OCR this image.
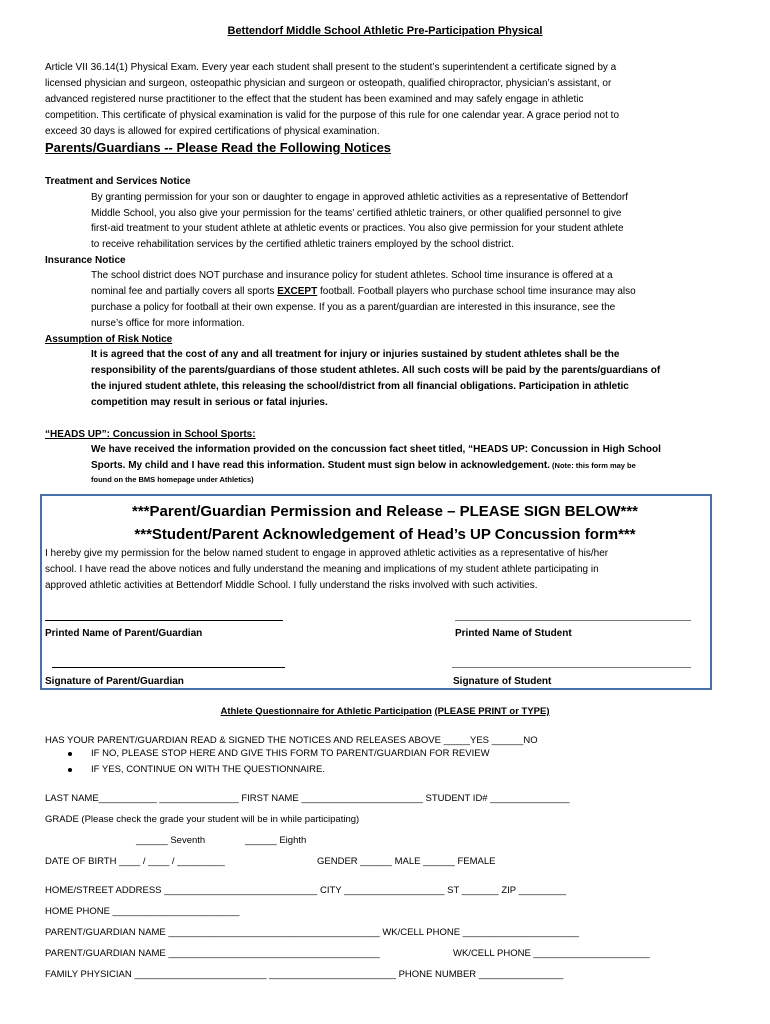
Bettendorf Middle School Athletic Pre-Participation Physical
Article VII 36.14(1) Physical Exam. Every year each student shall present to the student’s superintendent a certificate signed by a
licensed physician and surgeon, osteopathic physician and surgeon or osteopath, qualified chiropractor, physician’s assistant, or
advanced registered nurse practitioner to the effect that the student has been examined and may safely engage in athletic
competition. This certificate of physical examination is valid for the purpose of this rule for one calendar year. A grace period not to
exceed 30 days is allowed for expired certifications of physical examination.
Parents/Guardians -- Please Read the Following Notices
Treatment and Services Notice
By granting permission for your son or daughter to engage in approved athletic activities as a representative of Bettendorf
Middle School, you also give your permission for the teams’ certified athletic trainers, or other qualified personnel to give
first-aid treatment to your student athlete at athletic events or practices. You also give permission for your student athlete
to receive rehabilitation services by the certified athletic trainers employed by the school district.
Insurance Notice
The school district does NOT purchase and insurance policy for student athletes. School time insurance is offered at a
nominal fee and partially covers all sports EXCEPT football. Football players who purchase school time insurance may also
purchase a policy for football at their own expense. If you as a parent/guardian are interested in this insurance, see the
nurse’s office for more information.
Assumption of Risk Notice
It is agreed that the cost of any and all treatment for injury or injuries sustained by student athletes shall be the
responsibility of the parents/guardians of those student athletes. All such costs will be paid by the parents/guardians of
the injured student athlete, this releasing the school/district from all financial obligations. Participation in athletic
competition may result in serious or fatal injuries.
“HEADS UP”: Concussion in School Sports:
We have received the information provided on the concussion fact sheet titled, “HEADS UP: Concussion in High School
Sports. My child and I have read this information. Student must sign below in acknowledgement. (Note: this form may be
found on the BMS homepage under Athletics)
***Parent/Guardian Permission and Release – PLEASE SIGN BELOW***
***Student/Parent Acknowledgement of Head’s UP Concussion form***
I hereby give my permission for the below named student to engage in approved athletic activities as a representative of his/her
school. I have read the above notices and fully understand the meaning and implications of my student athlete participating in
approved athletic activities at Bettendorf Middle School. I fully understand the risks involved with such activities.
Printed Name of Parent/Guardian	Printed Name of Student
Signature of Parent/Guardian	Signature of Student
Athlete Questionnaire for Athletic Participation (PLEASE PRINT or TYPE)
HAS YOUR PARENT/GUARDIAN READ & SIGNED THE NOTICES AND RELEASES ABOVE _____YES ______NO
IF NO, PLEASE STOP HERE AND GIVE THIS FORM TO PARENT/GUARDIAN FOR REVIEW
IF YES, CONTINUE ON WITH THE QUESTIONNAIRE.
LAST NAME___________ _______________ FIRST NAME _______________________ STUDENT ID# _______________
GRADE (Please check the grade your student will be in while participating)
______ Seventh	______ Eighth
DATE OF BIRTH ____ / ____ / _________	GENDER ______ MALE ______ FEMALE
HOME/STREET ADDRESS _____________________________ CITY ___________________ ST _______ ZIP _________
HOME PHONE ________________________
PARENT/GUARDIAN NAME ________________________________________ WK/CELL PHONE ______________________
PARENT/GUARDIAN NAME ________________________________________	WK/CELL PHONE ______________________
FAMILY PHYSICIAN _________________________ ________________________ PHONE NUMBER ________________
